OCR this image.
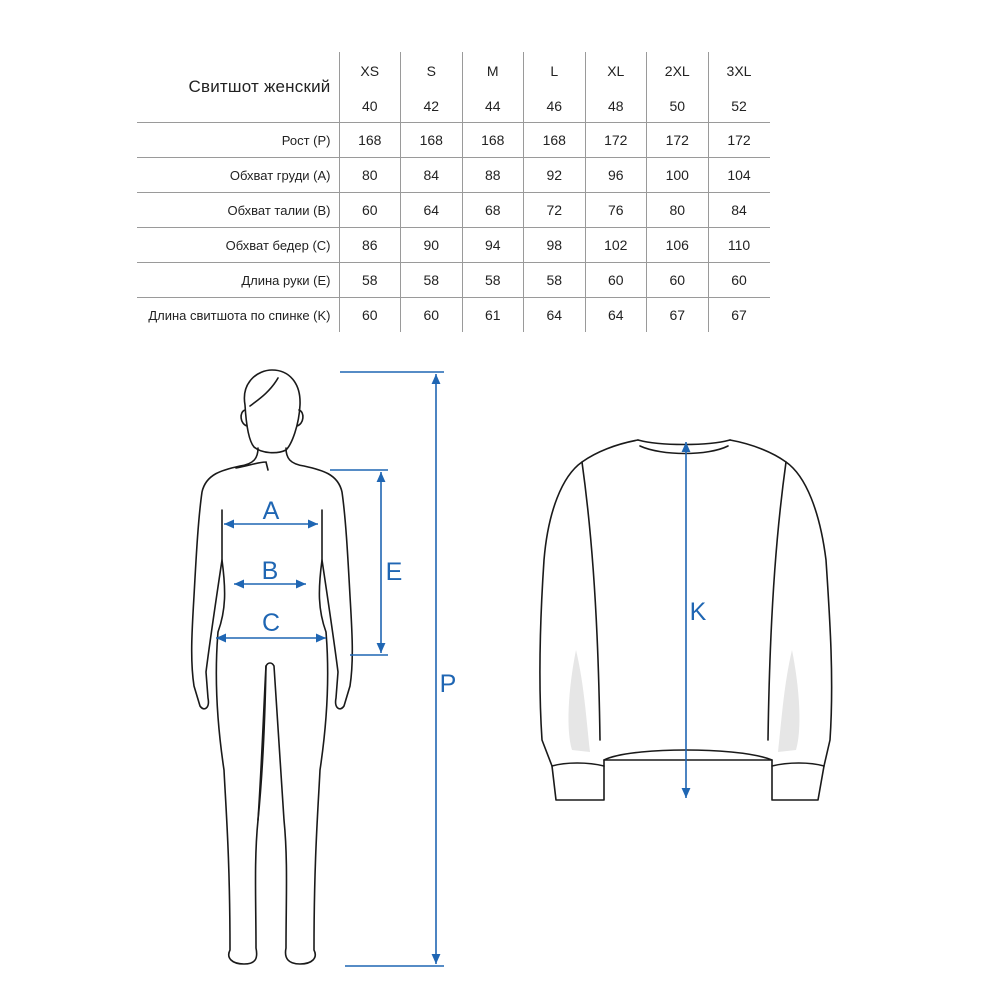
Свитшот женский	XS	S	M	L	XL	2XL	3XL
	40	42	44	46	48	50	52
Рост (P)	168	168	168	168	172	172	172
Обхват груди (A)	80	84	88	92	96	100	104
Обхват талии (B)	60	64	68	72	76	80	84
Обхват бедер (C)	86	90	94	98	102	106	110
Длина руки (E)	58	58	58	58	60	60	60
Длина свитшота по спинке (K)	60	60	61	64	64	67	67
A
B
C
E
P
K
